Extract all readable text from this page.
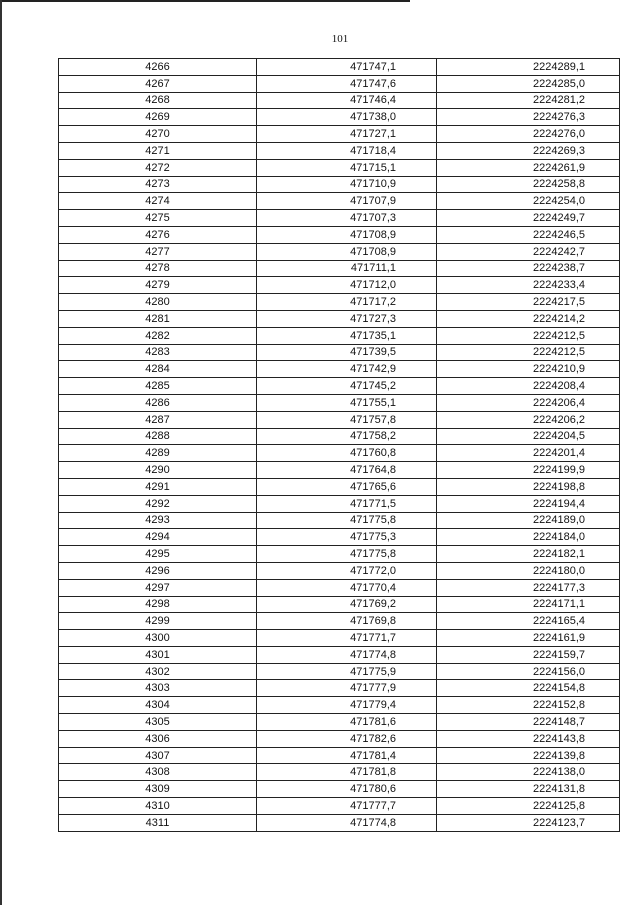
101
4266	471747,1	2224289,1
4267	471747,6	2224285,0
4268	471746,4	2224281,2
4269	471738,0	2224276,3
4270	471727,1	2224276,0
4271	471718,4	2224269,3
4272	471715,1	2224261,9
4273	471710,9	2224258,8
4274	471707,9	2224254,0
4275	471707,3	2224249,7
4276	471708,9	2224246,5
4277	471708,9	2224242,7
4278	471711,1	2224238,7
4279	471712,0	2224233,4
4280	471717,2	2224217,5
4281	471727,3	2224214,2
4282	471735,1	2224212,5
4283	471739,5	2224212,5
4284	471742,9	2224210,9
4285	471745,2	2224208,4
4286	471755,1	2224206,4
4287	471757,8	2224206,2
4288	471758,2	2224204,5
4289	471760,8	2224201,4
4290	471764,8	2224199,9
4291	471765,6	2224198,8
4292	471771,5	2224194,4
4293	471775,8	2224189,0
4294	471775,3	2224184,0
4295	471775,8	2224182,1
4296	471772,0	2224180,0
4297	471770,4	2224177,3
4298	471769,2	2224171,1
4299	471769,8	2224165,4
4300	471771,7	2224161,9
4301	471774,8	2224159,7
4302	471775,9	2224156,0
4303	471777,9	2224154,8
4304	471779,4	2224152,8
4305	471781,6	2224148,7
4306	471782,6	2224143,8
4307	471781,4	2224139,8
4308	471781,8	2224138,0
4309	471780,6	2224131,8
4310	471777,7	2224125,8
4311	471774,8	2224123,7
